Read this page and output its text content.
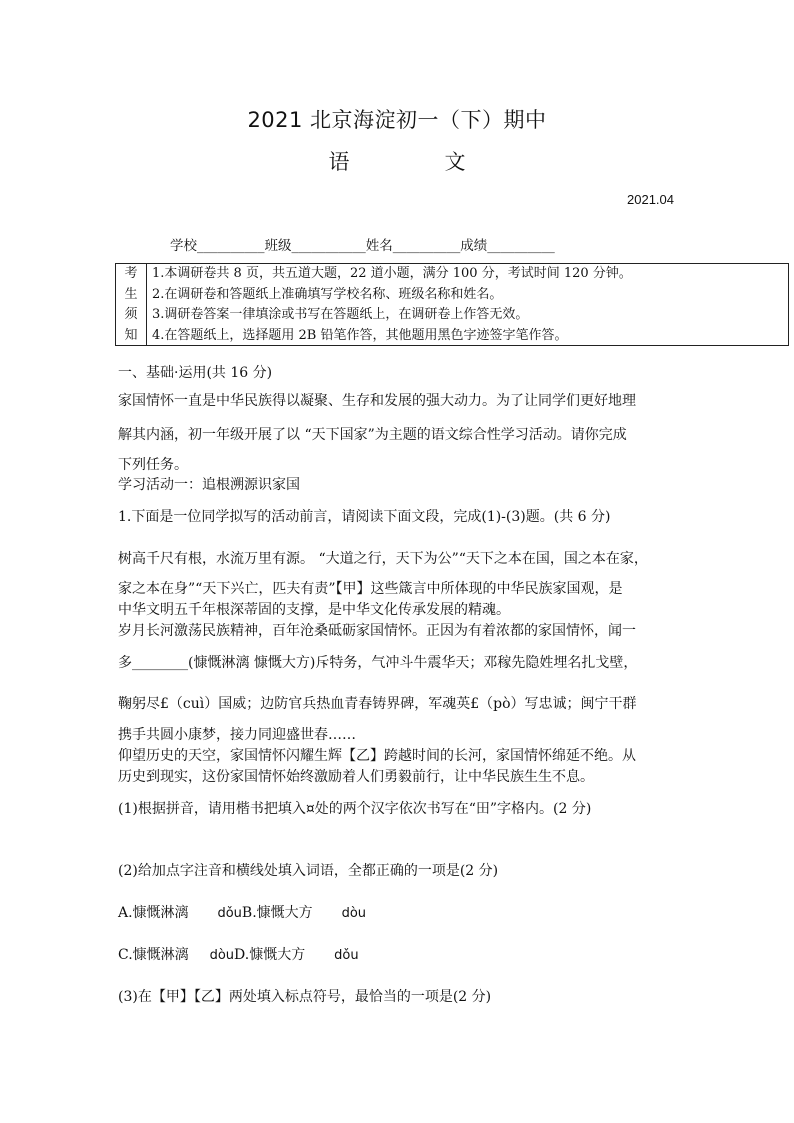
2021 北京海淀初一（下）期中
语	文
2021.04
学校__________班级___________姓名__________成绩__________
考
生
须
知
1.本调研卷共 8 页，共五道大题，22 道小题，满分 100 分，考试时间 120 分钟。
2.在调研卷和答题纸上准确填写学校名称、班级名称和姓名。
3.调研卷答案一律填涂或书写在答题纸上，在调研卷上作答无效。
4.在答题纸上，选择题用 2B 铅笔作答，其他题用黑色字迹签字笔作答。
一、基础·运用(共 16 分)
家国情怀一直是中华民族得以凝聚、生存和发展的强大动力。为了让同学们更好地理
解其内涵，初一年级开展了以 “天下国家”为主题的语文综合性学习活动。请你完成
下列任务。
学习活动一：追根溯源识家国
1.下面是一位同学拟写的活动前言，请阅读下面文段，完成(1)-(3)题。(共 6 分)
树高千尺有根，水流万里有源。 “大道之行，天下为公”“天下之本在国，国之本在家，
家之本在身”“天下兴亡，匹夫有责”【甲】这些箴言中所体现的中华民族家国观，是
中华文明五千年根深蒂固的支撑，是中华文化传承发展的精魂。
岁月长河激荡民族精神，百年沧桑砥砺家国情怀。正因为有着浓都的家国情怀，闻一
多________(慷慨淋漓 慷慨大方)斥特务，气冲斗牛震华天；邓稼先隐姓埋名扎戈壁，
鞠躬尽£（cuì）国威；边防官兵热血青春铸界碑，军魂英£（pò）写忠诚；闽宁干群
携手共圆小康梦，接力同迎盛世春……
仰望历史的天空，家国情怀闪耀生辉【乙】跨越时间的长河，家国情怀绵延不绝。从
历史到现实，这份家国情怀始终激励着人们勇毅前行，让中华民族生生不息。
(1)根据拼音，请用楷书把填入¤处的两个汉字依次书写在“田”字格内。(2 分)
(2)给加点字注音和横线处填入词语，全都正确的一项是(2 分)
A.慷慨淋漓 dǒuB.慷慨大方 dòu
C.慷慨淋漓 dòuD.慷慨大方 dǒu
(3)在【甲】【乙】两处填入标点符号，最恰当的一项是(2 分)
